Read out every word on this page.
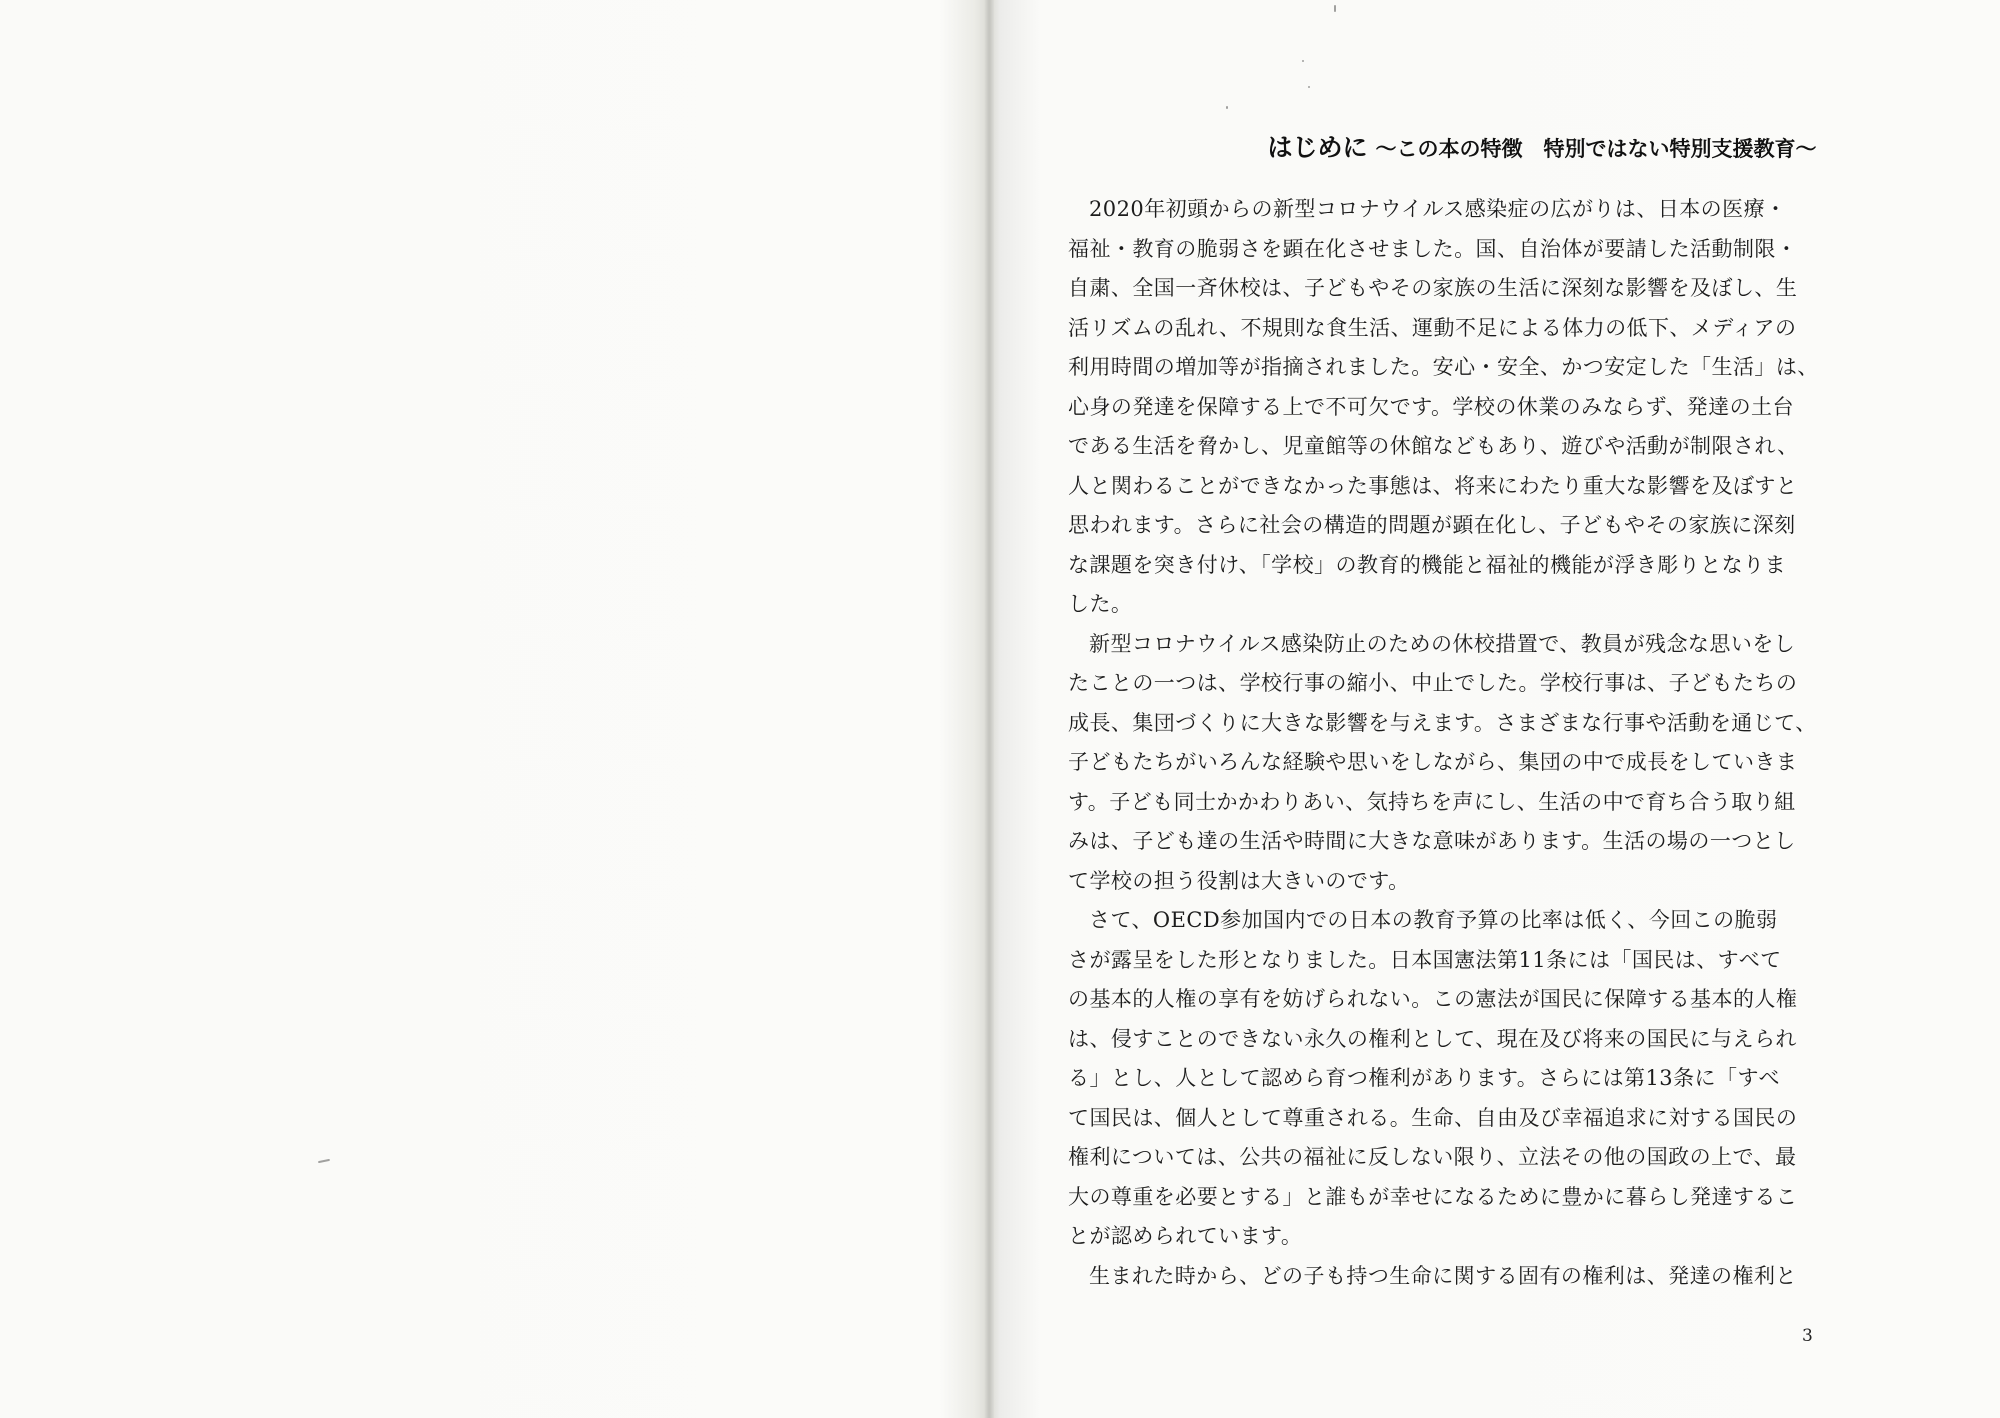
はじめに ～この本の特徴　特別ではない特別支援教育～
2020年初頭からの新型コロナウイルス感染症の広がりは、日本の医療・
福祉・教育の脆弱さを顕在化させました。国、自治体が要請した活動制限・
自粛、全国一斉休校は、子どもやその家族の生活に深刻な影響を及ぼし、生
活リズムの乱れ、不規則な食生活、運動不足による体力の低下、メディアの
利用時間の増加等が指摘されました。安心・安全、かつ安定した「生活」は、
心身の発達を保障する上で不可欠です。学校の休業のみならず、発達の土台
である生活を脅かし、児童館等の休館などもあり、遊びや活動が制限され、
人と関わることができなかった事態は、将来にわたり重大な影響を及ぼすと
思われます。さらに社会の構造的問題が顕在化し、子どもやその家族に深刻
な課題を突き付け、「学校」の教育的機能と福祉的機能が浮き彫りとなりま
した。
新型コロナウイルス感染防止のための休校措置で、教員が残念な思いをし
たことの一つは、学校行事の縮小、中止でした。学校行事は、子どもたちの
成長、集団づくりに大きな影響を与えます。さまざまな行事や活動を通じて、
子どもたちがいろんな経験や思いをしながら、集団の中で成長をしていきま
す。子ども同士かかわりあい、気持ちを声にし、生活の中で育ち合う取り組
みは、子ども達の生活や時間に大きな意味があります。生活の場の一つとし
て学校の担う役割は大きいのです。
さて、OECD参加国内での日本の教育予算の比率は低く、今回この脆弱
さが露呈をした形となりました。日本国憲法第11条には「国民は、すべて
の基本的人権の享有を妨げられない。この憲法が国民に保障する基本的人権
は、侵すことのできない永久の権利として、現在及び将来の国民に与えられ
る」とし、人として認めら育つ権利があります。さらには第13条に「すべ
て国民は、個人として尊重される。生命、自由及び幸福追求に対する国民の
権利については、公共の福祉に反しない限り、立法その他の国政の上で、最
大の尊重を必要とする」と誰もが幸せになるために豊かに暮らし発達するこ
とが認められています。
生まれた時から、どの子も持つ生命に関する固有の権利は、発達の権利と
3
